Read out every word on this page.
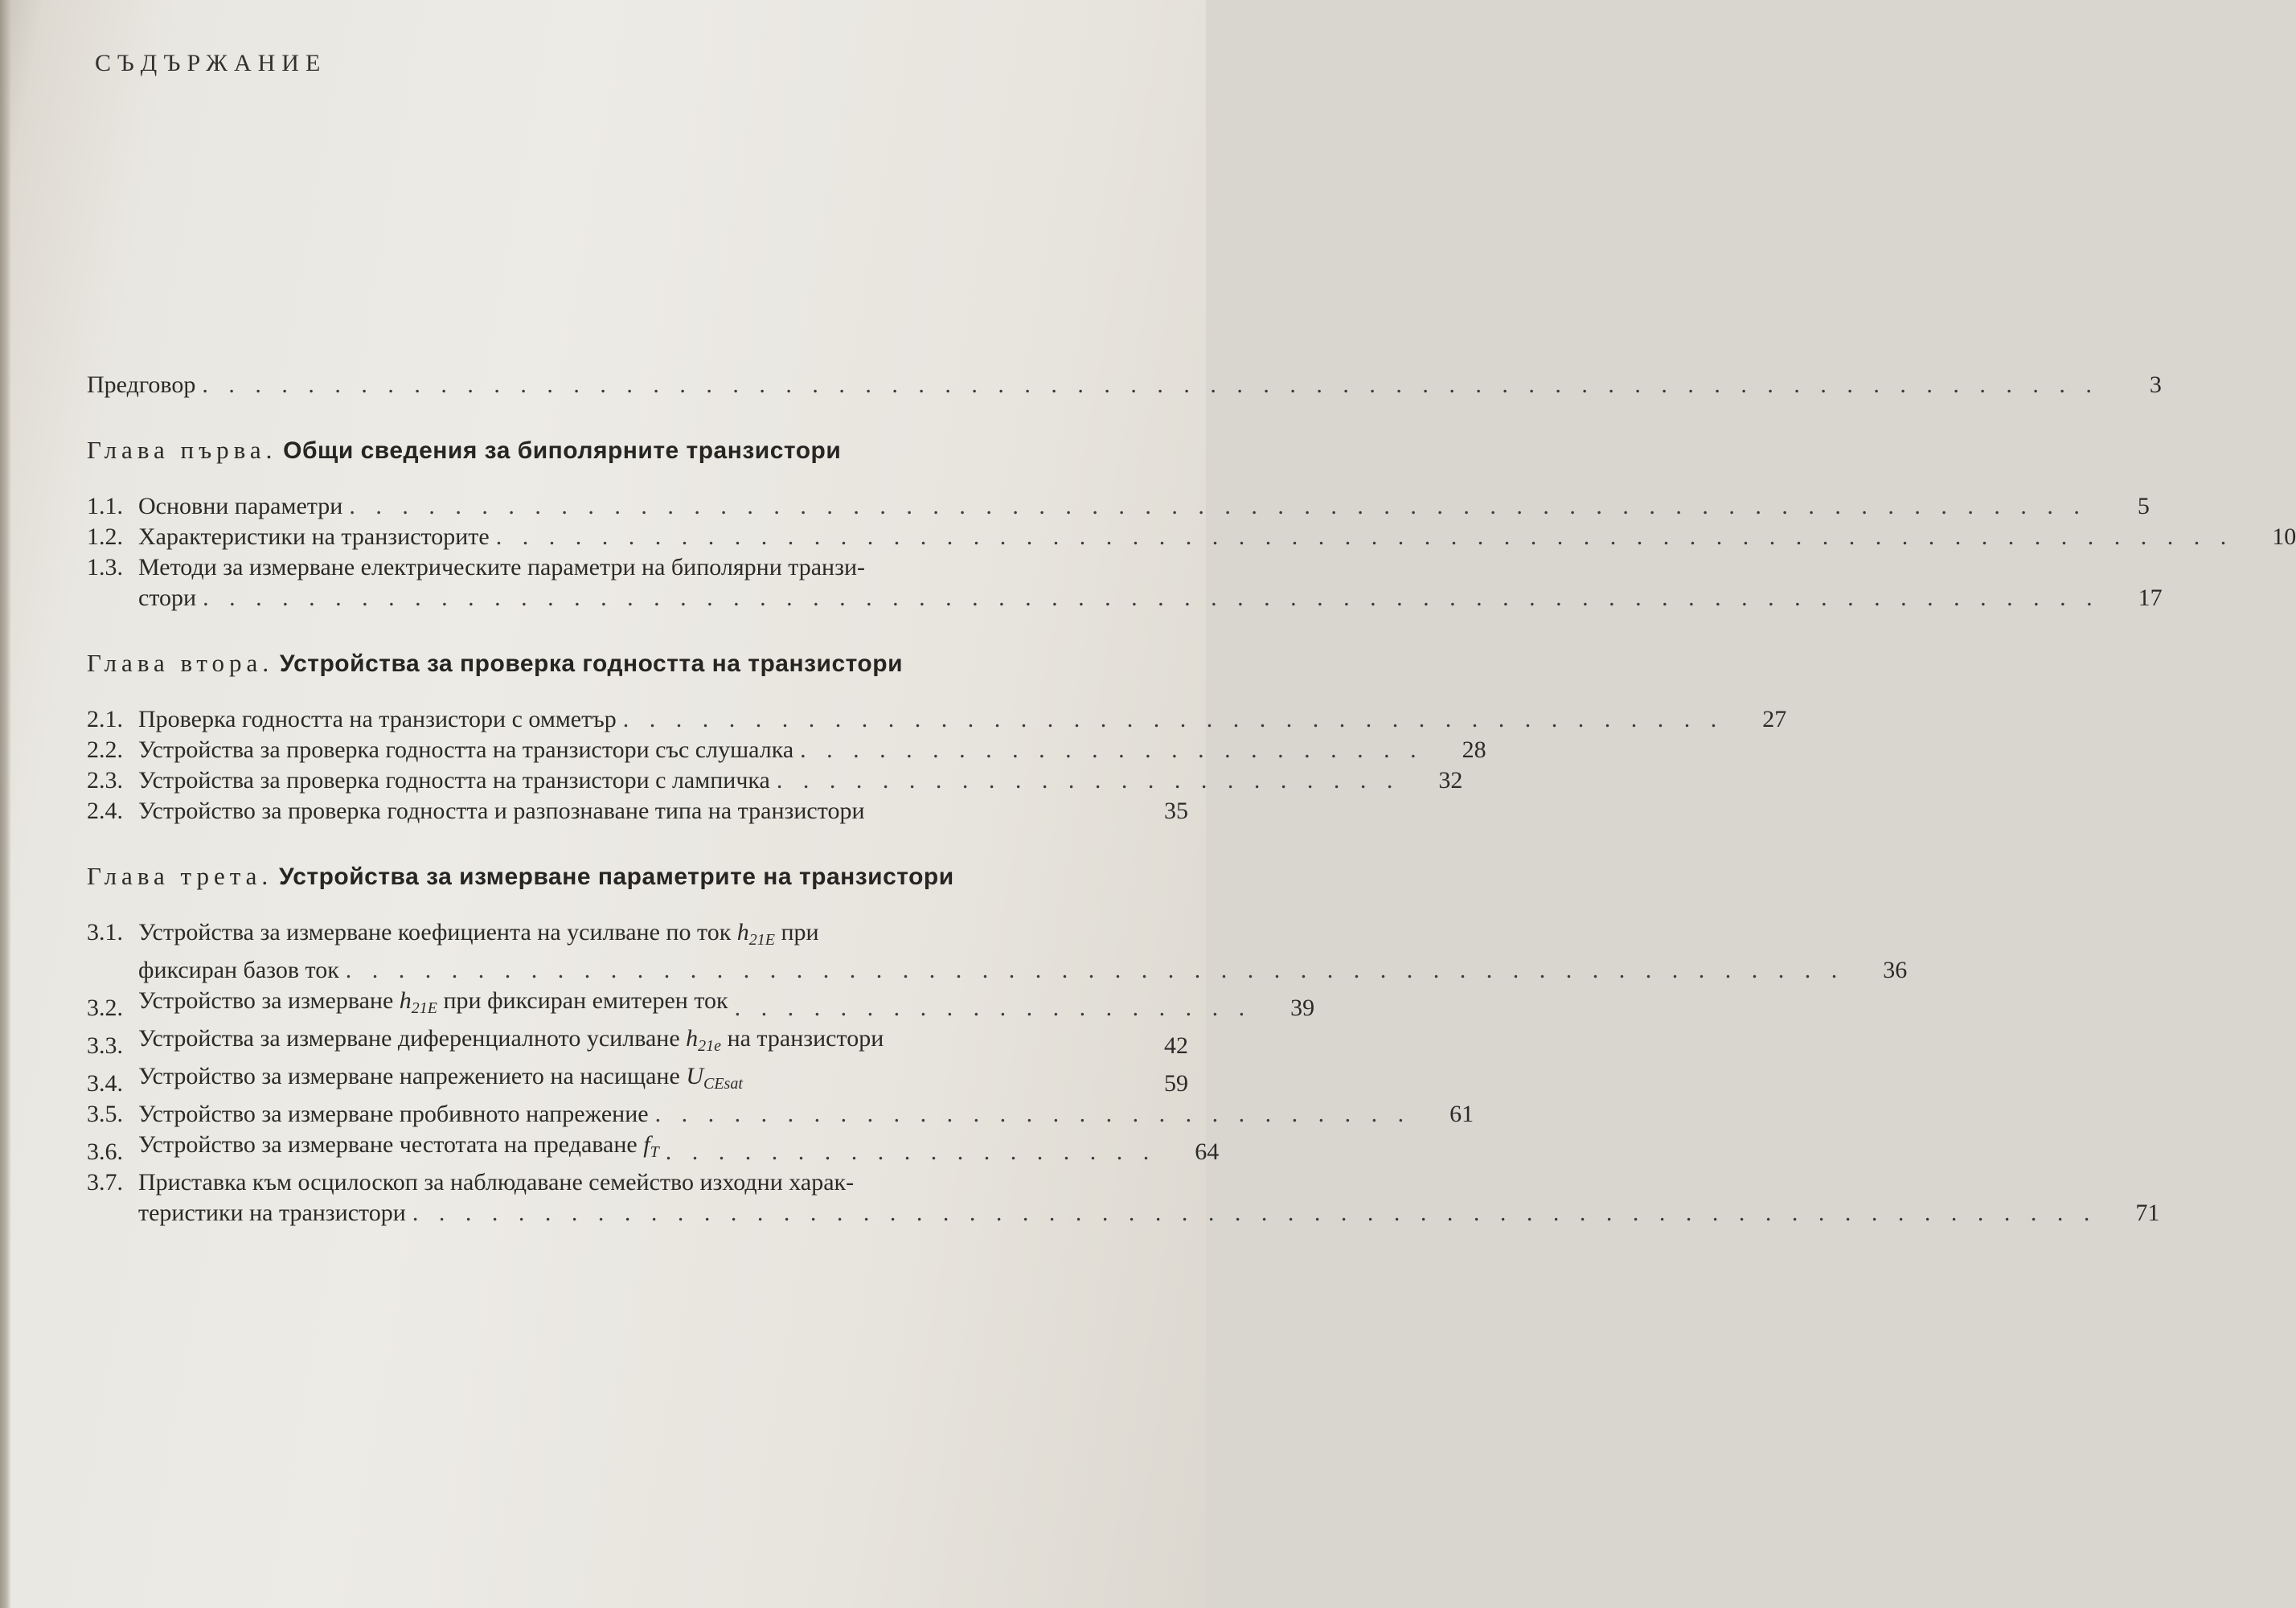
СЪДЪРЖАНИЕ
Предговор . . . . . . . . . . . . . . . . . . . . . . . . . . . . . . . . . . . . . . . . . . . . . . . . . . . . . . . . . . . . . . . . . . . . . . . .	3
Глава първа. Общи сведения за биполярните транзистори
1.1. Основни параметри . . . . . . . . . . . . . . . . . . . . . . . . . . . . . . . . . . . . . . . . . . . . . . . . . . . . . . . . . . . . . . . . . .	5
1.2. Характеристики на транзисторите . . . . . . . . . . . . . . . . . . . . . . . . . . . . . . . . . . . . . . . . . . . . . . . . . . . . . . . . . . . . . . . . . .	10
1.3. Методи за измерване електрическите параметри на биполярни транзи-
стори . . . . . . . . . . . . . . . . . . . . . . . . . . . . . . . . . . . . . . . . . . . . . . . . . . . . . . . . . . . . . . . . . . . . . . . .	17
Глава втора. Устройства за проверка годността на транзистори
2.1. Проверка годността на транзистори с омметър . . . . . . . . . . . . . . . . . . . . . . . . . . . . . . . . . . . . . . . . . .	27
2.2. Устройства за проверка годността на транзистори със слушалка . . . . . . . . . . . . . . . . . . . . . . . .	28
2.3. Устройства за проверка годността на транзистори с лампичка . . . . . . . . . . . . . . . . . . . . . . . .	32
2.4. Устройство за проверка годността и разпознаване типа на транзистори	35
Глава трета. Устройства за измерване параметрите на транзистори
3.1. Устройства за измерване коефициента на усилване по ток $h_{21E}$ при
фиксиран базов ток . . . . . . . . . . . . . . . . . . . . . . . . . . . . . . . . . . . . . . . . . . . . . . . . . . . . . . . . .	36
3.2. Устройство за измерване $h_{21E}$ при фиксиран емитерен ток . . . . . . . . . . . . . . . . . . . .	39
3.3. Устройства за измерване диференциалното усилване $h_{21e}$ на транзистори	42
3.4. Устройство за измерване напрежението на насищане $U_{CEsat}$	59
3.5. Устройство за измерване пробивното напрежение . . . . . . . . . . . . . . . . . . . . . . . . . . . . .	61
3.6. Устройство за измерване честотата на предаване $f_T$ . . . . . . . . . . . . . . . . . . .	64
3.7. Приставка към осцилоскоп за наблюдаване семейство изходни харак-
теристики на транзистори . . . . . . . . . . . . . . . . . . . . . . . . . . . . . . . . . . . . . . . . . . . . . . . . . . . . . . . . . . . . . . . .	71
